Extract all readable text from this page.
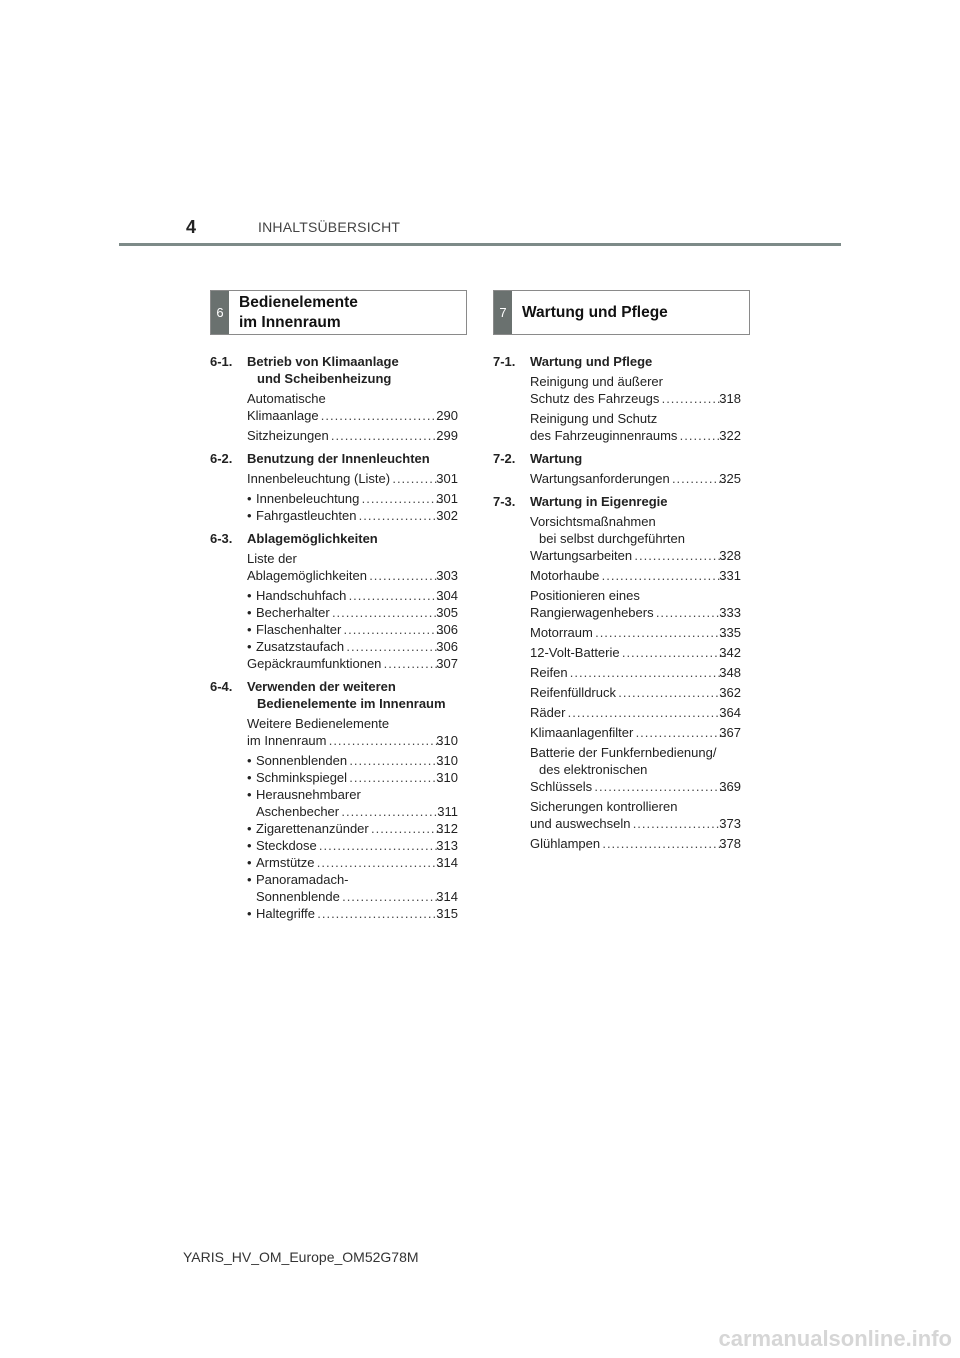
4	INHALTSÜBERSICHT
6
Bedienelemente
im Innenraum
7 Wartung und Pflege
6-1. Betrieb von Klimaanlage
und Scheibenheizung
Automatische

Klimaanlage .....	290
Sitzheizungen .....	299
6-2. Benutzung der Innenleuchten
Innenbeleuchtung (Liste) .....	301
• Innenbeleuchtung .....	301
• Fahrgastleuchten .....	302
6-3. Ablagemöglichkeiten
Liste der

Ablagemöglichkeiten .....	303
• Handschuhfach .....	304
• Becherhalter .....	305
• Flaschenhalter .....	306
• Zusatzstaufach .....	306
Gepäckraumfunktionen .....	307
6-4. Verwenden der weiteren
Bedienelemente im Innenraum
Weitere Bedienelemente

im Innenraum .....	310
• Sonnenblenden .....	310
• Schminkspiegel .....	310
• Herausnehmbarer

Aschenbecher .....	311
• Zigarettenanzünder .....	312
• Steckdose .....	313
• Armstütze .....	314
• Panoramadach-

Sonnenblende .....	314
• Haltegriffe .....	315
7-1. Wartung und Pflege
Reinigung und äußerer

Schutz des Fahrzeugs .....	318
Reinigung und Schutz

des Fahrzeuginnenraums .....	322
7-2. Wartung
Wartungsanforderungen .....	325
7-3. Wartung in Eigenregie
Vorsichtsmaßnahmen
bei selbst durchgeführten

Wartungsarbeiten .....	328
Motorhaube .....	331
Positionieren eines

Rangierwagenhebers .....	333
Motorraum .....	335
12-Volt-Batterie .....	342
Reifen .....	348
Reifenfülldruck .....	362
Räder .....	364
Klimaanlagenfilter .....	367
Batterie der Funkfernbedienung/
des elektronischen

Schlüssels .....	369
Sicherungen kontrollieren

und auswechseln .....	373
Glühlampen .....	378
YARIS_HV_OM_Europe_OM52G78M
carmanualsonline.info
